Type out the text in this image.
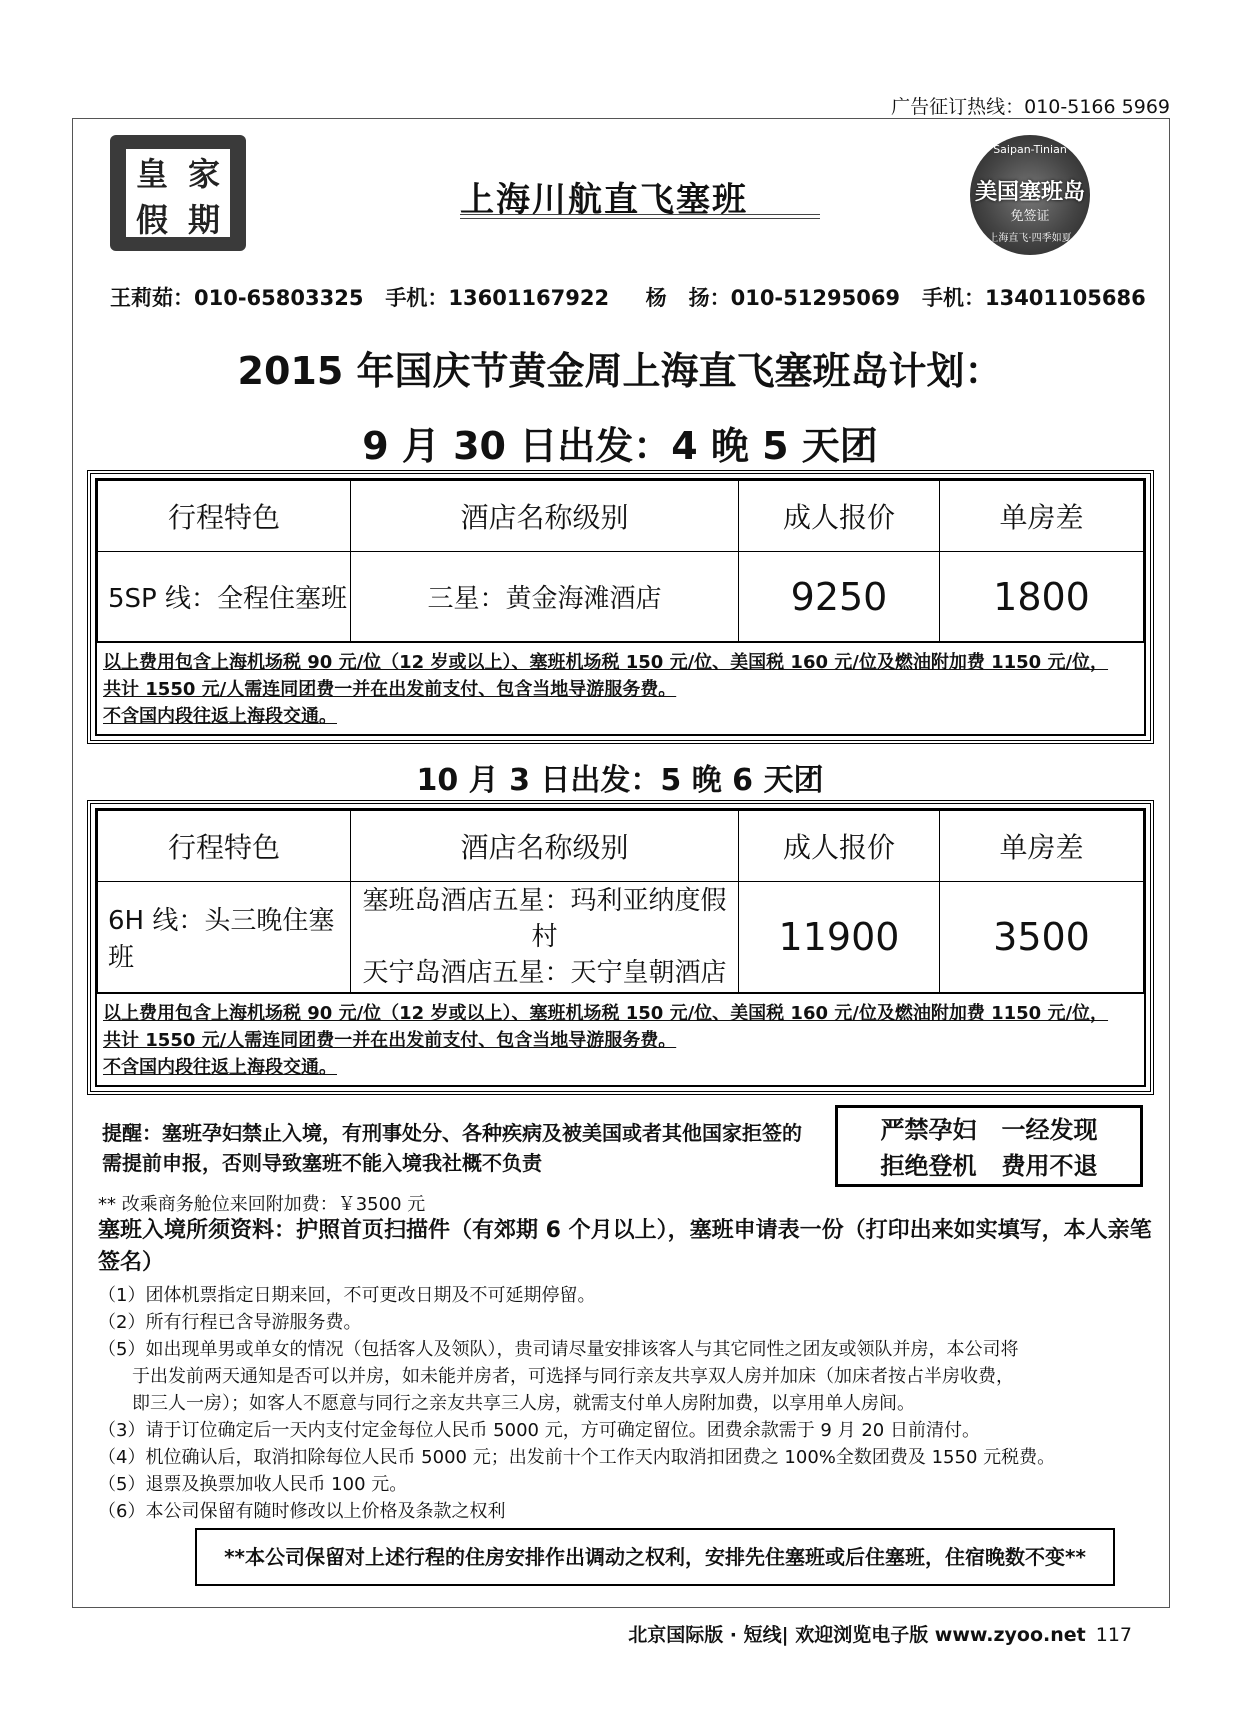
广告征订热线：010-5166 5969
皇 家
假 期	上海川航直飞塞班
Saipan-Tinian
美国塞班岛
免签证
上海直飞·四季如夏
王莉茹：010-65803325   手机：13601167922     杨   扬：010-51295069   手机：13401105686
2015 年国庆节黄金周上海直飞塞班岛计划：
9 月 30 日出发：4 晚 5 天团
行程特色	酒店名称级别	成人报价	单房差
5SP 线：全程住塞班	三星：黄金海滩酒店	9250	1800
以上费用包含上海机场税 90 元/位（12 岁或以上）、塞班机场税 150 元/位、美国税 160 元/位及燃油附加费 1150 元/位，
共计 1550 元/人需连同团费一并在出发前支付、包含当地导游服务费。
不含国内段往返上海段交通。
10 月 3 日出发：5 晚 6 天团
行程特色	酒店名称级别	成人报价	单房差
6H 线：头三晚住塞班	塞班岛酒店五星：玛利亚纳度假村
天宁岛酒店五星：天宁皇朝酒店	11900	3500
以上费用包含上海机场税 90 元/位（12 岁或以上）、塞班机场税 150 元/位、美国税 160 元/位及燃油附加费 1150 元/位，
共计 1550 元/人需连同团费一并在出发前支付、包含当地导游服务费。
不含国内段往返上海段交通。
提醒：塞班孕妇禁止入境，有刑事处分、各种疾病及被美国或者其他国家拒签的需提前申报，否则导致塞班不能入境我社概不负责
严禁孕妇   一经发现
拒绝登机   费用不退
** 改乘商务舱位来回附加费：￥3500 元
塞班入境所须资料：护照首页扫描件（有郊期 6 个月以上），塞班申请表一份（打印出来如实填写，本人亲笔签名）
（1）团体机票指定日期来回，不可更改日期及不可延期停留。
（2）所有行程已含导游服务费。
（5）如出现单男或单女的情况（包括客人及领队），贵司请尽量安排该客人与其它同性之团友或领队并房，本公司将
于出发前两天通知是否可以并房，如未能并房者，可选择与同行亲友共享双人房并加床（加床者按占半房收费，
即三人一房）；如客人不愿意与同行之亲友共享三人房，就需支付单人房附加费，以享用单人房间。
（3）请于订位确定后一天内支付定金每位人民币 5000 元，方可确定留位。团费余款需于 9 月 20 日前清付。
（4）机位确认后，取消扣除每位人民币 5000 元；出发前十个工作天内取消扣团费之 100%全数团费及 1550 元税费。
（5）退票及换票加收人民币 100 元。
（6）本公司保留有随时修改以上价格及条款之权利
**本公司保留对上述行程的住房安排作出调动之权利，安排先住塞班或后住塞班，住宿晚数不变**
北京国际版 · 短线| 欢迎浏览电子版 www.zyoo.net 117
